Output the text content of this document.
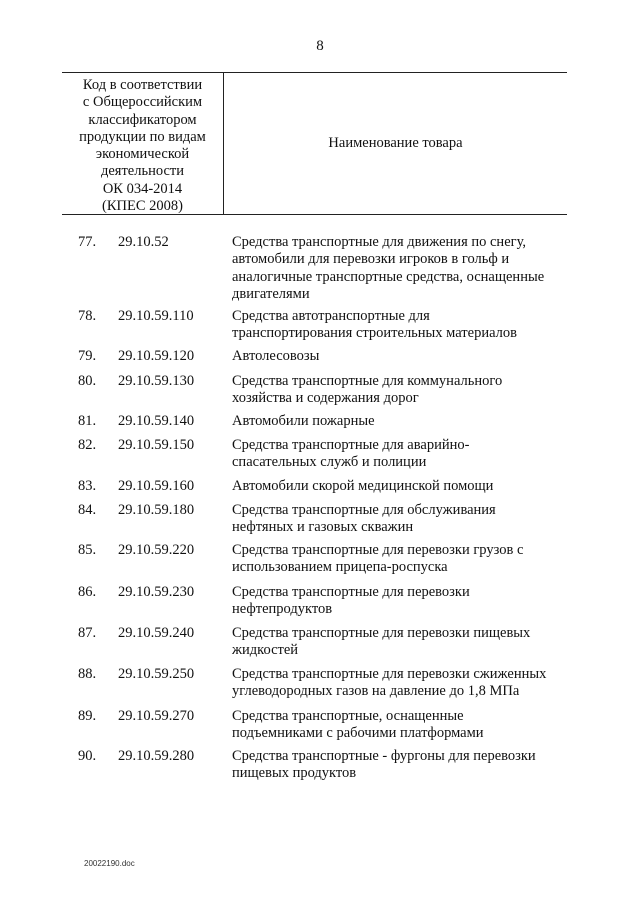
8
Код в соответствии
с Общероссийским
классификатором
продукции по видам
экономической
деятельности
ОК 034-2014
(КПЕС 2008)
Наименование товара
77. 29.10.52	Средства транспортные для движения по снегу,
автомобили для перевозки игроков в гольф и
аналогичные транспортные средства, оснащенные
двигателями
78. 29.10.59.110	Средства автотранспортные для
транспортирования строительных материалов
79. 29.10.59.120	Автолесовозы
80. 29.10.59.130	Средства транспортные для коммунального
хозяйства и содержания дорог
81. 29.10.59.140	Автомобили пожарные
82. 29.10.59.150	Средства транспортные для аварийно-
спасательных служб и полиции
83. 29.10.59.160	Автомобили скорой медицинской помощи
84. 29.10.59.180	Средства транспортные для обслуживания
нефтяных и газовых скважин
85. 29.10.59.220	Средства транспортные для перевозки грузов с
использованием прицепа-роспуска
86. 29.10.59.230	Средства транспортные для перевозки
нефтепродуктов
87. 29.10.59.240	Средства транспортные для перевозки пищевых
жидкостей
88. 29.10.59.250	Средства транспортные для перевозки сжиженных
углеводородных газов на давление до 1,8 МПа
89. 29.10.59.270	Средства транспортные, оснащенные
подъемниками с рабочими платформами
90. 29.10.59.280	Средства транспортные - фургоны для перевозки
пищевых продуктов
20022190.doc
